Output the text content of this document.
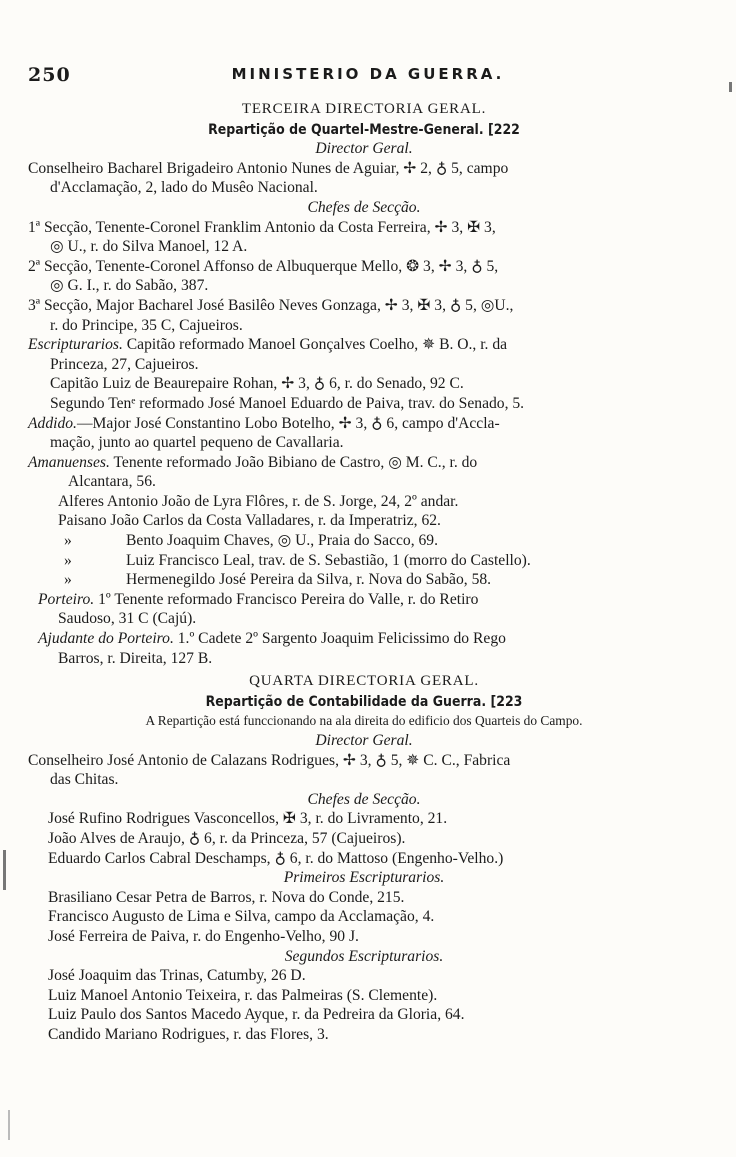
250	MINISTERIO DA GUERRA.
TERCEIRA DIRECTORIA GERAL.
Repartição de Quartel-Mestre-General. [222
Director Geral.
Conselheiro Bacharel Brigadeiro Antonio Nunes de Aguiar, ✢ 2, ♁ 5, campo
d'Acclamação, 2, lado do Musêo Nacional.
Chefes de Secção.
1ª Secção, Tenente-Coronel Franklim Antonio da Costa Ferreira, ✢ 3, ✠ 3,
◎ U., r. do Silva Manoel, 12 A.
2ª Secção, Tenente-Coronel Affonso de Albuquerque Mello, ❂ 3, ✢ 3, ♁ 5,
◎ G. I., r. do Sabão, 387.
3ª Secção, Major Bacharel José Basilêo Neves Gonzaga, ✢ 3, ✠ 3, ♁ 5, ◎U.,
r. do Principe, 35 C, Cajueiros.
Escripturarios. Capitão reformado Manoel Gonçalves Coelho, ✵ B. O., r. da
Princeza, 27, Cajueiros.
Capitão Luiz de Beaurepaire Rohan, ✢ 3, ♁ 6, r. do Senado, 92 C.
Segundo Tenᵉ reformado José Manoel Eduardo de Paiva, trav. do Senado, 5.
Addido.—Major José Constantino Lobo Botelho, ✢ 3, ♁ 6, campo d'Accla-
mação, junto ao quartel pequeno de Cavallaria.
Amanuenses. Tenente reformado João Bibiano de Castro, ◎ M. C., r. do
Alcantara, 56.
Alferes Antonio João de Lyra Flôres, r. de S. Jorge, 24, 2º andar.
Paisano João Carlos da Costa Valladares, r. da Imperatriz, 62.
»	Bento Joaquim Chaves, ◎ U., Praia do Sacco, 69.
»	Luiz Francisco Leal, trav. de S. Sebastião, 1 (morro do Castello).
»	Hermenegildo José Pereira da Silva, r. Nova do Sabão, 58.
Porteiro. 1º Tenente reformado Francisco Pereira do Valle, r. do Retiro
Saudoso, 31 C (Cajú).
Ajudante do Porteiro. 1.º Cadete 2º Sargento Joaquim Felicissimo do Rego
Barros, r. Direita, 127 B.
QUARTA DIRECTORIA GERAL.
Repartição de Contabilidade da Guerra. [223
A Repartição está funccionando na ala direita do edificio dos Quarteis do Campo.
Director Geral.
Conselheiro José Antonio de Calazans Rodrigues, ✢ 3, ♁ 5, ✵ C. C., Fabrica
das Chitas.
Chefes de Secção.
José Rufino Rodrigues Vasconcellos, ✠ 3, r. do Livramento, 21.
João Alves de Araujo, ♁ 6, r. da Princeza, 57 (Cajueiros).
Eduardo Carlos Cabral Deschamps, ♁ 6, r. do Mattoso (Engenho-Velho.)
Primeiros Escripturarios.
Brasiliano Cesar Petra de Barros, r. Nova do Conde, 215.
Francisco Augusto de Lima e Silva, campo da Acclamação, 4.
José Ferreira de Paiva, r. do Engenho-Velho, 90 J.
Segundos Escripturarios.
José Joaquim das Trinas, Catumby, 26 D.
Luiz Manoel Antonio Teixeira, r. das Palmeiras (S. Clemente).
Luiz Paulo dos Santos Macedo Ayque, r. da Pedreira da Gloria, 64.
Candido Mariano Rodrigues, r. das Flores, 3.
